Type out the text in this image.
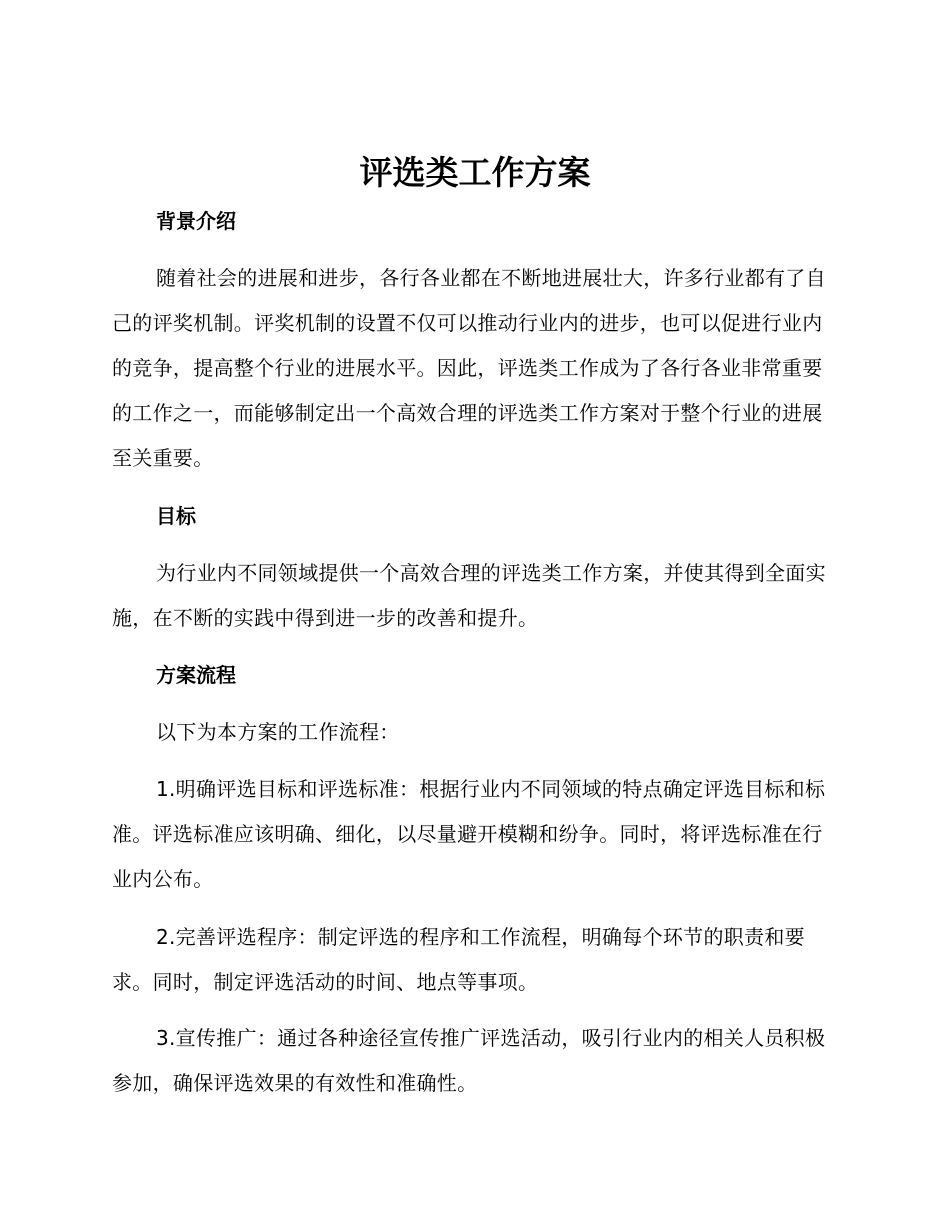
评选类工作方案
背景介绍

随着社会的进展和进步，各行各业都在不断地进展壮大，许多行业都有了自己的评奖机制。评奖机制的设置不仅可以推动行业内的进步，也可以促进行业内的竞争，提高整个行业的进展水平。因此，评选类工作成为了各行各业非常重要的工作之一，而能够制定出一个高效合理的评选类工作方案对于整个行业的进展至关重要。

目标

为行业内不同领域提供一个高效合理的评选类工作方案，并使其得到全面实施，在不断的实践中得到进一步的改善和提升。

方案流程

以下为本方案的工作流程：

1.明确评选目标和评选标准：根据行业内不同领域的特点确定评选目标和标准。评选标准应该明确、细化，以尽量避开模糊和纷争。同时，将评选标准在行业内公布。

2.完善评选程序：制定评选的程序和工作流程，明确每个环节的职责和要求。同时，制定评选活动的时间、地点等事项。

3.宣传推广：通过各种途径宣传推广评选活动，吸引行业内的相关人员积极参加，确保评选效果的有效性和准确性。
